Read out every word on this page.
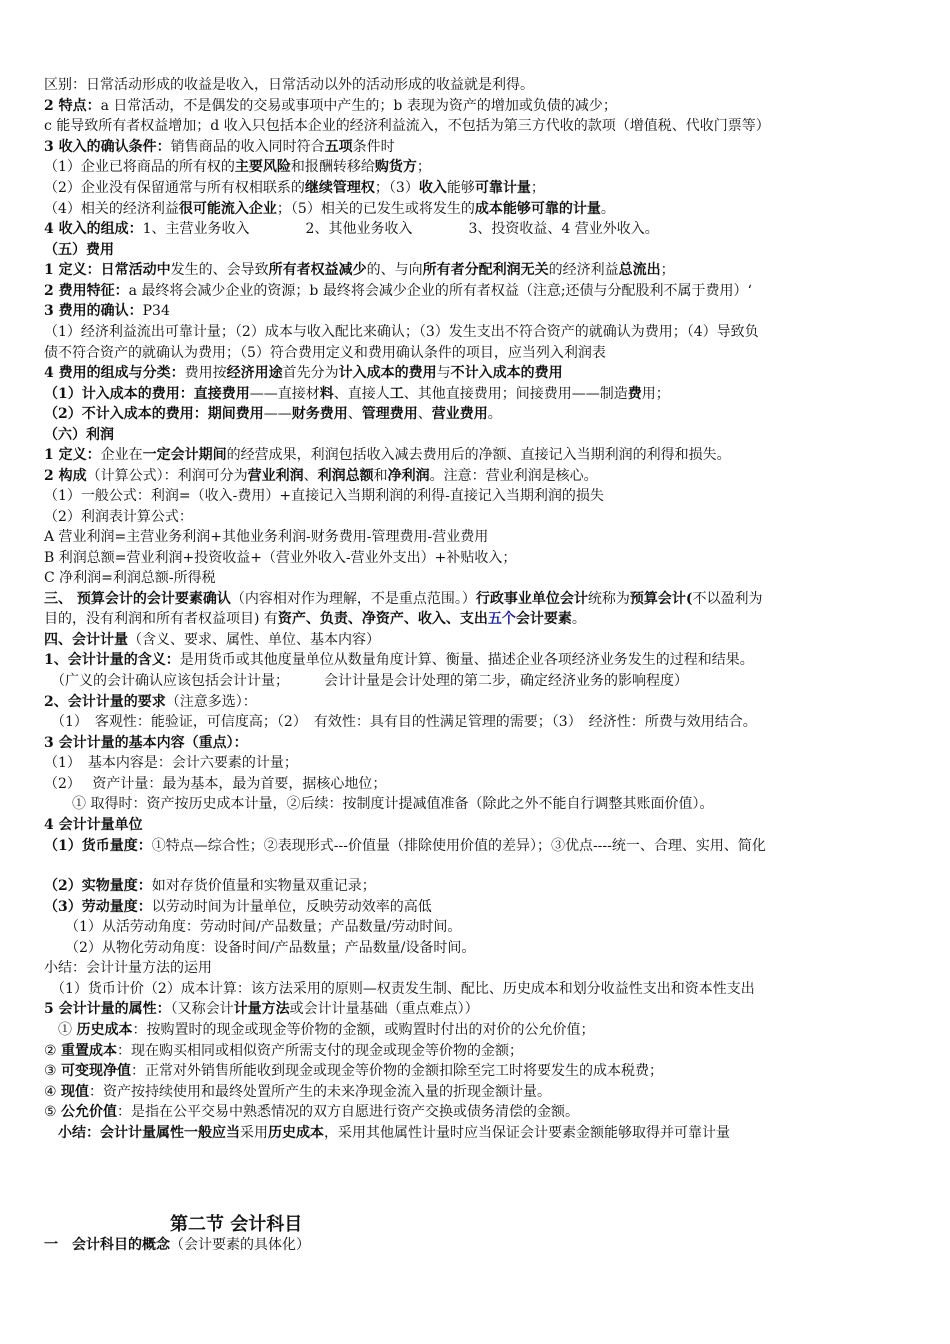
区别：日常活动形成的收益是收入，日常活动以外的活动形成的收益就是利得。
2 特点：a 日常活动，不是偶发的交易或事项中产生的；b 表现为资产的增加或负债的减少；
c 能导致所有者权益增加；d 收入只包括本企业的经济利益流入，不包括为第三方代收的款项（增值税、代收门票等）
3 收入的确认条件：销售商品的收入同时符合五项条件时
（1）企业已将商品的所有权的主要风险和报酬转移给购货方；
（2）企业没有保留通常与所有权相联系的继续管理权；（3）收入能够可靠计量；
（4）相关的经济利益很可能流入企业；（5）相关的已发生或将发生的成本能够可靠的计量。
4 收入的组成：1、主营业务收入　　　　2、其他业务收入　　　　3、投资收益、4 营业外收入。
（五）费用
1 定义：日常活动中发生的、会导致所有者权益减少的、与向所有者分配利润无关的经济利益总流出；
2 费用特征：a 最终将会减少企业的资源；b 最终将会减少企业的所有者权益（注意;还债与分配股利不属于费用）‘
3 费用的确认：P34
（1）经济利益流出可靠计量；（2）成本与收入配比来确认；（3）发生支出不符合资产的就确认为费用；（4）导致负
债不符合资产的就确认为费用；（5）符合费用定义和费用确认条件的项目，应当列入利润表
4 费用的组成与分类：费用按经济用途首先分为计入成本的费用与不计入成本的费用
（1）计入成本的费用：直接费用——直接材料、直接人工、其他直接费用；间接费用——制造费用；
（2）不计入成本的费用：期间费用——财务费用、管理费用、营业费用。
（六）利润
1 定义：企业在一定会计期间的经营成果，利润包括收入减去费用后的净额、直接记入当期利润的利得和损失。
2 构成（计算公式）：利润可分为营业利润、利润总额和净利润。注意：营业利润是核心。
（1）一般公式：利润=（收入-费用）+直接记入当期利润的利得-直接记入当期利润的损失
（2）利润表计算公式：
A 营业利润=主营业务利润+其他业务利润-财务费用-管理费用-营业费用
B 利润总额=营业利润+投资收益+（营业外收入-营业外支出）+补贴收入；
C 净利润=利润总额-所得税
三、 预算会计的会计要素确认（内容相对作为理解，不是重点范围。）行政事业单位会计统称为预算会计(不以盈利为
目的，没有利润和所有者权益项目) 有资产、负责、净资产、收入、支出五个会计要素。
四、会计计量（含义、要求、属性、单位、基本内容）
1、会计计量的含义：是用货币或其他度量单位从数量角度计算、衡量、描述企业各项经济业务发生的过程和结果。
　（广义的会计确认应该包括会计计量；　　　会计计量是会计处理的第二步，确定经济业务的影响程度）
2、会计计量的要求（注意多选）：
　（1）　客观性：能验证，可信度高；（2）　有效性：具有目的性满足管理的需要；（3）　经济性：所费与效用结合。
3 会计计量的基本内容（重点）：
（1）　基本内容是：会计六要素的计量；
（2）　 资产计量：最为基本，最为首要，据核心地位；
　　① 取得时：资产按历史成本计量，②后续：按制度计提减值准备（除此之外不能自行调整其账面价值）。
4 会计计量单位
（1）货币量度：①特点—综合性；②表现形式---价值量（排除使用价值的差异）；③优点----统一、合理、实用、简化
（2）实物量度：如对存货价值量和实物量双重记录；
（3）劳动量度：以劳动时间为计量单位，反映劳动效率的高低
　　（1）从活劳动角度：劳动时间/产品数量；产品数量/劳动时间。
　　（2）从物化劳动角度：设备时间/产品数量；产品数量/设备时间。
小结：会计计量方法的运用
　（1）货币计价（2）成本计算：该方法采用的原则—权责发生制、配比、历史成本和划分收益性支出和资本性支出
5 会计计量的属性：（又称会计计量方法或会计计量基础（重点难点））
　① 历史成本：按购置时的现金或现金等价物的金额，或购置时付出的对价的公允价值；
② 重置成本：现在购买相同或相似资产所需支付的现金或现金等价物的金额；
③ 可变现净值：正常对外销售所能收到现金或现金等价物的金额扣除至完工时将要发生的成本税费；
④ 现值：资产按持续使用和最终处置所产生的未来净现金流入量的折现金额计量。
⑤ 公允价值：是指在公平交易中熟悉情况的双方自愿进行资产交换或债务清偿的金额。
　小结：会计计量属性一般应当采用历史成本，采用其他属性计量时应当保证会计要素金额能够取得并可靠计量
第二节 会计科目
一　会计科目的概念（会计要素的具体化）
